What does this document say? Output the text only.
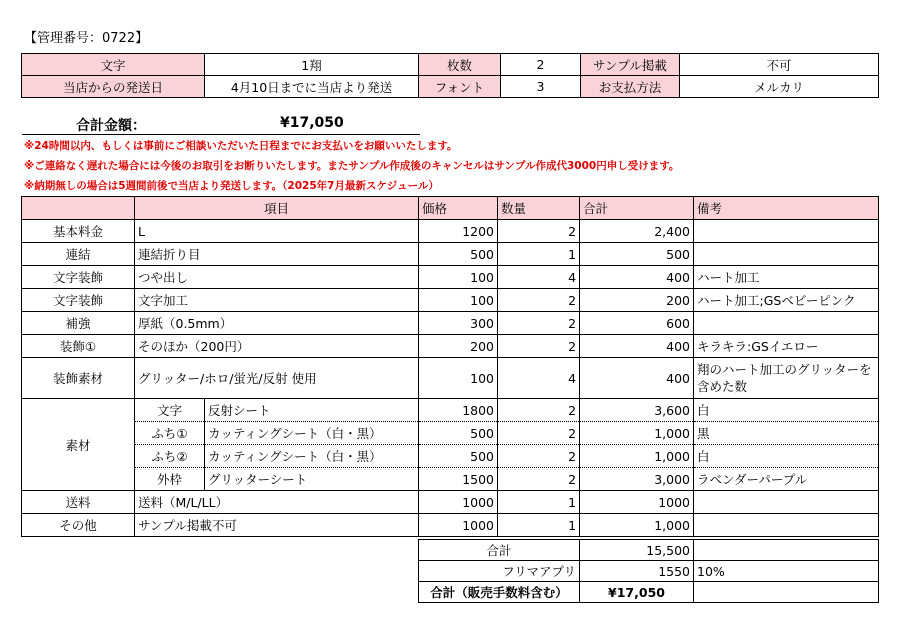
【管理番号：0722】
文字	1翔	枚数	2	サンプル掲載	不可
当店からの発送日	4月10日までに当店より発送	フォント	3	お支払方法	メルカリ
合計金額：	¥17,050
※24時間以内、もしくは事前にご相談いただいた日程までにお支払いをお願いいたします。
※ご連絡なく遅れた場合には今後のお取引をお断りいたします。またサンプル作成後のキャンセルはサンプル作成代3000円申し受けます。
※納期無しの場合は5週間前後で当店より発送します。（2025年7月最新スケジュール）
	項目		価格	数量	合計	備考
基本料金	L		1200	2	2,400	
連結	連結折り目		500	1	500	
文字装飾	つや出し		100	4	400	ハート加工
文字装飾	文字加工		100	2	200	ハート加工;GSベビーピンク
補強	厚紙（0.5mm）		300	2	600	
装飾①	そのほか（200円）		200	2	400	キラキラ:GSイエロー
装飾素材	グリッター/ホロ/蛍光/反射 使用		100	4	400	翔のハート加工のグリッターを含めた数
素材	文字	反射シート	1800	2	3,600	白
	ふち①	カッティングシート（白・黒）	500	2	1,000	黒
	ふち②	カッティングシート（白・黒）	500	2	1,000	白
	外枠	グリッターシート	1500	2	3,000	ラベンダーパープル
送料	送料（M/L/LL）		1000	1	1000	
その他	サンプル掲載不可		1000	1	1,000	
合計	15,500	
フリマアプリ	1550	10%
合計（販売手数料含む）	¥17,050	
